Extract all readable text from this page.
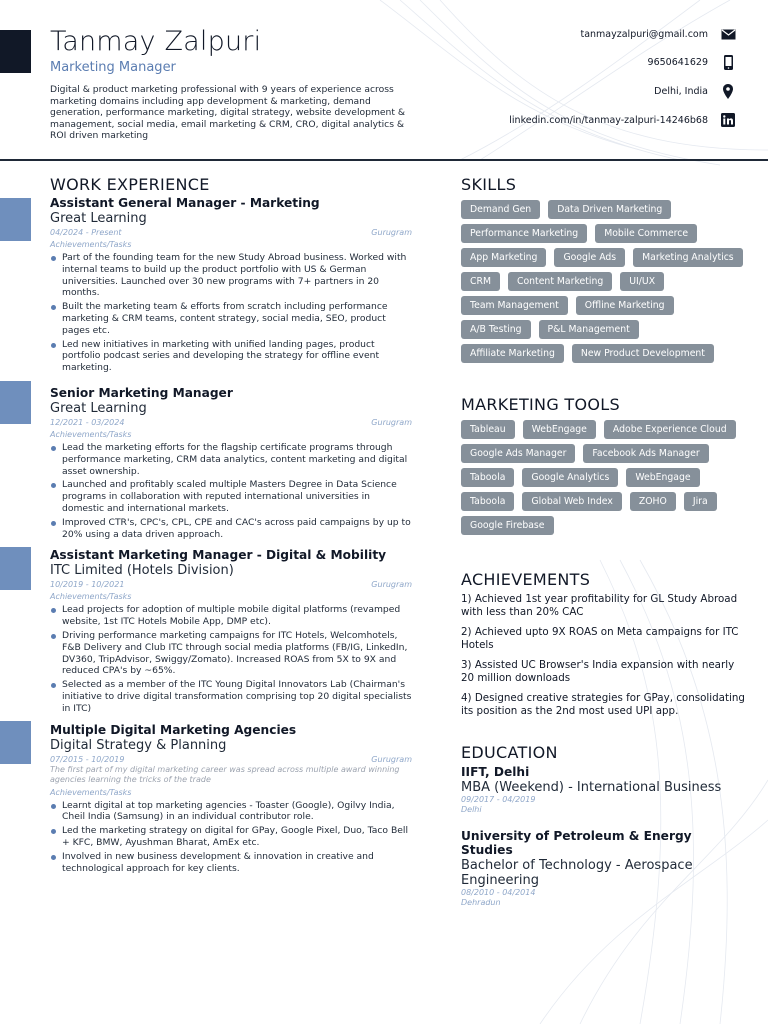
Tanmay Zalpuri
Marketing Manager
Digital & product marketing professional with 9 years of experience across marketing domains including app development & marketing, demand generation, performance marketing, digital strategy, website development & management, social media, email marketing & CRM, CRO, digital analytics & ROI driven marketing
tanmayzalpuri@gmail.com
9650641629
Delhi, India
linkedin.com/in/tanmay-zalpuri-14246b68
WORK EXPERIENCE
Assistant General Manager - Marketing
Great Learning
04/2024 - Present	Gurugram
Achievements/Tasks
Part of the founding team for the new Study Abroad business. Worked with internal teams to build up the product portfolio with US & German universities. Launched over 30 new programs with 7+ partners in 20 months.
Built the marketing team & efforts from scratch including performance marketing & CRM teams, content strategy, social media, SEO, product pages etc.
Led new initiatives in marketing with unified landing pages, product portfolio podcast series and developing the strategy for offline event marketing.
Senior Marketing Manager
Great Learning
12/2021 - 03/2024	Gurugram
Achievements/Tasks
Lead the marketing efforts for the flagship certificate programs through performance marketing, CRM data analytics, content marketing and digital asset ownership.
Launched and profitably scaled multiple Masters Degree in Data Science programs in collaboration with reputed international universities in domestic and international markets.
Improved CTR's, CPC's, CPL, CPE and CAC's across paid campaigns by up to 20% using a data driven approach.
Assistant Marketing Manager - Digital & Mobility
ITC Limited (Hotels Division)
10/2019 - 10/2021	Gurugram
Achievements/Tasks
Lead projects for adoption of multiple mobile digital platforms (revamped website, 1st ITC Hotels Mobile App, DMP etc).
Driving performance marketing campaigns for ITC Hotels, Welcomhotels, F&B Delivery and Club ITC through social media platforms (FB/IG, LinkedIn, DV360, TripAdvisor, Swiggy/Zomato). Increased ROAS from 5X to 9X and reduced CPA's by ~65%.
Selected as a member of the ITC Young Digital Innovators Lab (Chairman's initiative to drive digital transformation comprising top 20 digital specialists in ITC)
Multiple Digital Marketing Agencies
Digital Strategy & Planning
07/2015 - 10/2019	Gurugram
The first part of my digital marketing career was spread across multiple award winning agencies learning the tricks of the trade
Achievements/Tasks
Learnt digital at top marketing agencies - Toaster (Google), Ogilvy India, Cheil India (Samsung) in an individual contributor role.
Led the marketing strategy on digital for GPay, Google Pixel, Duo, Taco Bell + KFC, BMW, Ayushman Bharat, AmEx etc.
Involved in new business development & innovation in creative and technological approach for key clients.
SKILLS
Demand Gen	Data Driven Marketing
Performance Marketing	Mobile Commerce
App Marketing	Google Ads	Marketing Analytics
CRM	Content Marketing	UI/UX
Team Management	Offline Marketing
A/B Testing	P&L Management
Affiliate Marketing	New Product Development
MARKETING TOOLS
Tableau	WebEngage	Adobe Experience Cloud
Google Ads Manager	Facebook Ads Manager
Taboola	Google Analytics	WebEngage
Taboola	Global Web Index	ZOHO	Jira
Google Firebase
ACHIEVEMENTS
1) Achieved 1st year profitability for GL Study Abroad with less than 20% CAC
2) Achieved upto 9X ROAS on Meta campaigns for ITC Hotels
3) Assisted UC Browser's India expansion with nearly 20 million downloads
4) Designed creative strategies for GPay, consolidating its position as the 2nd most used UPI app.
EDUCATION
IIFT, Delhi
MBA (Weekend) - International Business
09/2017 - 04/2019
Delhi
University of Petroleum & Energy Studies
Bachelor of Technology - Aerospace Engineering
08/2010 - 04/2014
Dehradun
